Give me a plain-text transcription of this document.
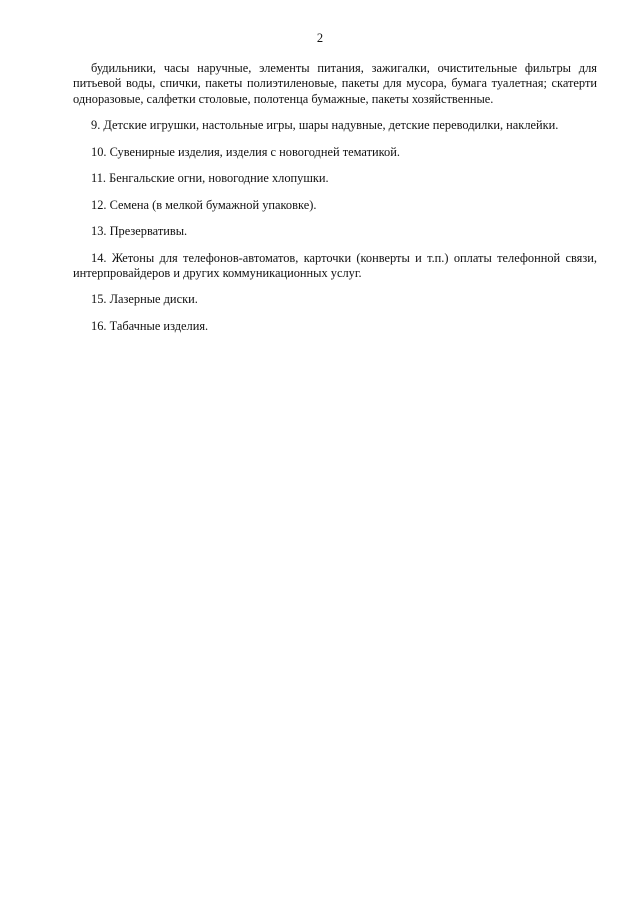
2

будильники, часы наручные, элементы питания, зажигалки, очистительные фильтры для питьевой воды, спички, пакеты полиэтиленовые, пакеты для мусора, бумага туалетная; скатерти одноразовые, салфетки столовые, полотенца бумажные, пакеты хозяйственные.

9. Детские игрушки, настольные игры, шары надувные, детские переводилки, наклейки.

10. Сувенирные изделия, изделия с новогодней тематикой.

11. Бенгальские огни, новогодние хлопушки.

12. Семена (в мелкой бумажной упаковке).

13. Презервативы.

14. Жетоны для телефонов-автоматов, карточки (конверты и т.п.) оплаты телефонной связи, интерпровайдеров и других коммуникационных услуг.

15. Лазерные диски.

16. Табачные изделия.
